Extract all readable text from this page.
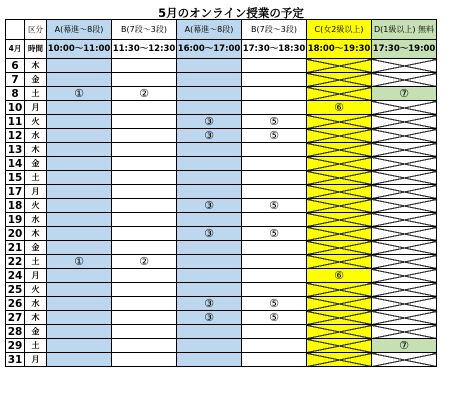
5月のオンライン授業の予定
	区分	A(幕進～8段)	B(7段～3段)	A(幕進～8段)	B(7段～3段)	C(女2級以上)	D(1級以上) 無料
4月	時間	10:00～11:00	11:30～12:30	16:00～17:00	17:30～18:30	18:00～19:30	17:30～19:00
6	木						
7	金						
8	土	①	②				⑦
10	月					⑥	
11	火			③	⑤		
12	水			③	⑤		
13	木						
14	金						
15	土						
17	月						
18	火			③	⑤		
19	水						
20	木			③	⑤		
21	金						
22	土	①	②				
24	月					⑥	
25	火						
26	水			③	⑤		
27	木			③	⑤		
28	金						
29	土						⑦
31	月						
